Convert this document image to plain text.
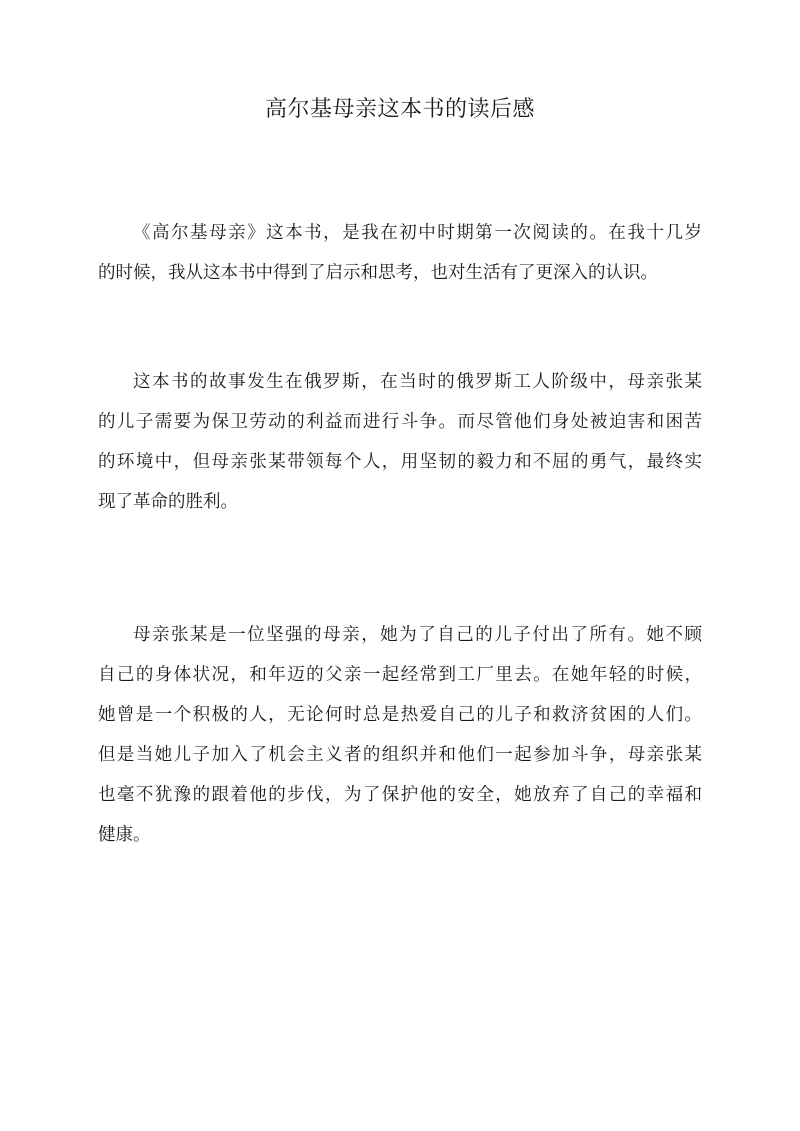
高尔基母亲这本书的读后感

《高尔基母亲》这本书，是我在初中时期第一次阅读的。在我十几岁
的时候，我从这本书中得到了启示和思考，也对生活有了更深入的认识。

这本书的故事发生在俄罗斯，在当时的俄罗斯工人阶级中，母亲张某
的儿子需要为保卫劳动的利益而进行斗争。而尽管他们身处被迫害和困苦
的环境中，但母亲张某带领每个人，用坚韧的毅力和不屈的勇气，最终实
现了革命的胜利。

母亲张某是一位坚强的母亲，她为了自己的儿子付出了所有。她不顾
自己的身体状况，和年迈的父亲一起经常到工厂里去。在她年轻的时候，
她曾是一个积极的人，无论何时总是热爱自己的儿子和救济贫困的人们。
但是当她儿子加入了机会主义者的组织并和他们一起参加斗争，母亲张某
也毫不犹豫的跟着他的步伐，为了保护他的安全，她放弃了自己的幸福和
健康。
